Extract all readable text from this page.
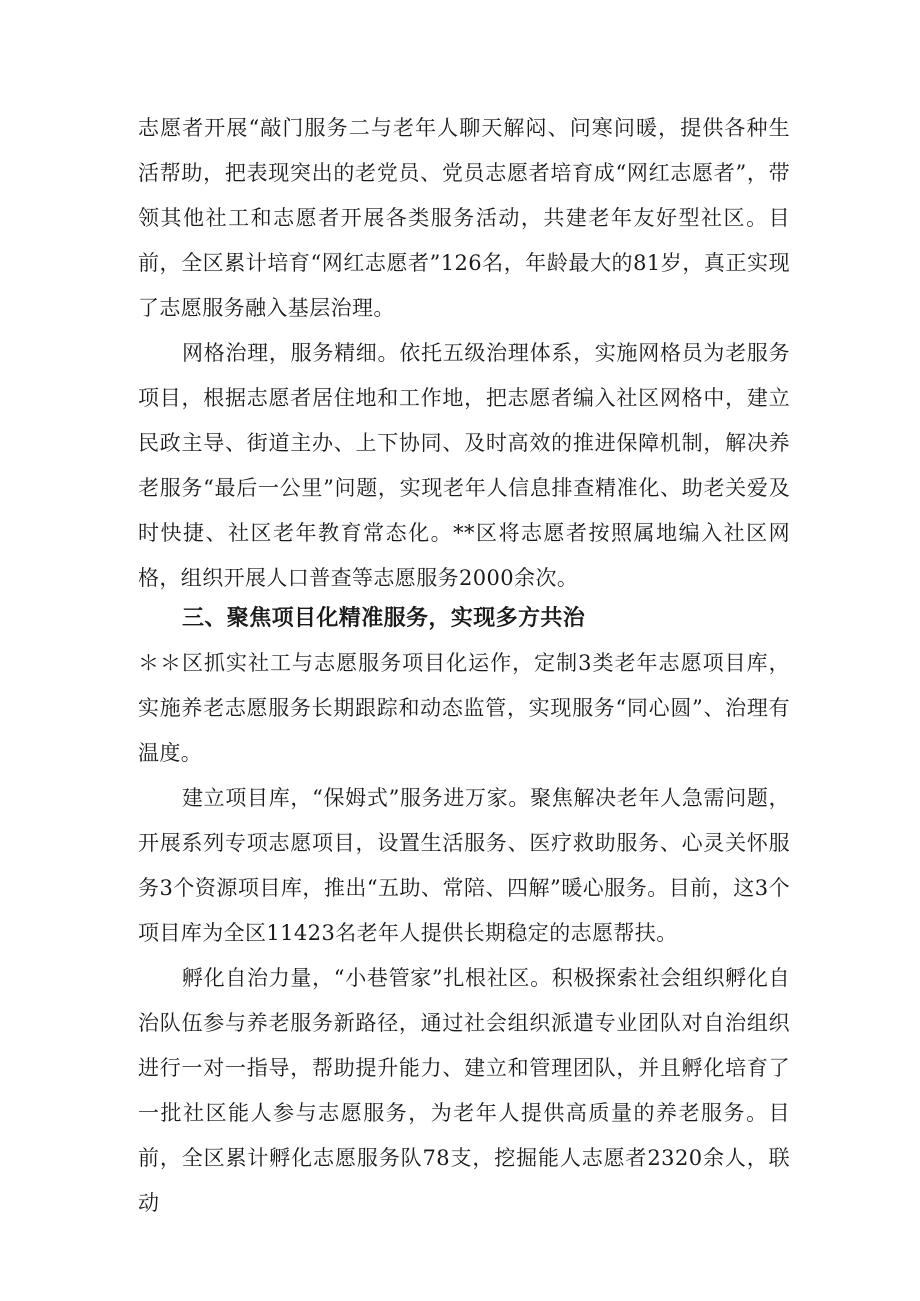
志愿者开展“敲门服务二与老年人聊天解闷、问寒问暖，提供各种生活帮助，把表现突出的老党员、党员志愿者培育成“网红志愿者”，带领其他社工和志愿者开展各类服务活动，共建老年友好型社区。目前，全区累计培育“网红志愿者”126名，年龄最大的81岁，真正实现了志愿服务融入基层治理。

网格治理，服务精细。依托五级治理体系，实施网格员为老服务项目，根据志愿者居住地和工作地，把志愿者编入社区网格中，建立民政主导、街道主办、上下协同、及时高效的推进保障机制，解决养老服务“最后一公里”问题，实现老年人信息排查精准化、助老关爱及时快捷、社区老年教育常态化。**区将志愿者按照属地编入社区网格，组织开展人口普查等志愿服务2000余次。

三、聚焦项目化精准服务，实现多方共治

＊＊区抓实社工与志愿服务项目化运作，定制3类老年志愿项目库，实施养老志愿服务长期跟踪和动态监管，实现服务“同心圆”、治理有温度。

建立项目库，“保姆式”服务进万家。聚焦解决老年人急需问题，开展系列专项志愿项目，设置生活服务、医疗救助服务、心灵关怀服务3个资源项目库，推出“五助、常陪、四解”暖心服务。目前，这3个项目库为全区11423名老年人提供长期稳定的志愿帮扶。

孵化自治力量，“小巷管家”扎根社区。积极探索社会组织孵化自治队伍参与养老服务新路径，通过社会组织派遣专业团队对自治组织进行一对一指导，帮助提升能力、建立和管理团队，并且孵化培育了一批社区能人参与志愿服务，为老年人提供高质量的养老服务。目前，全区累计孵化志愿服务队78支，挖掘能人志愿者2320余人，联动
